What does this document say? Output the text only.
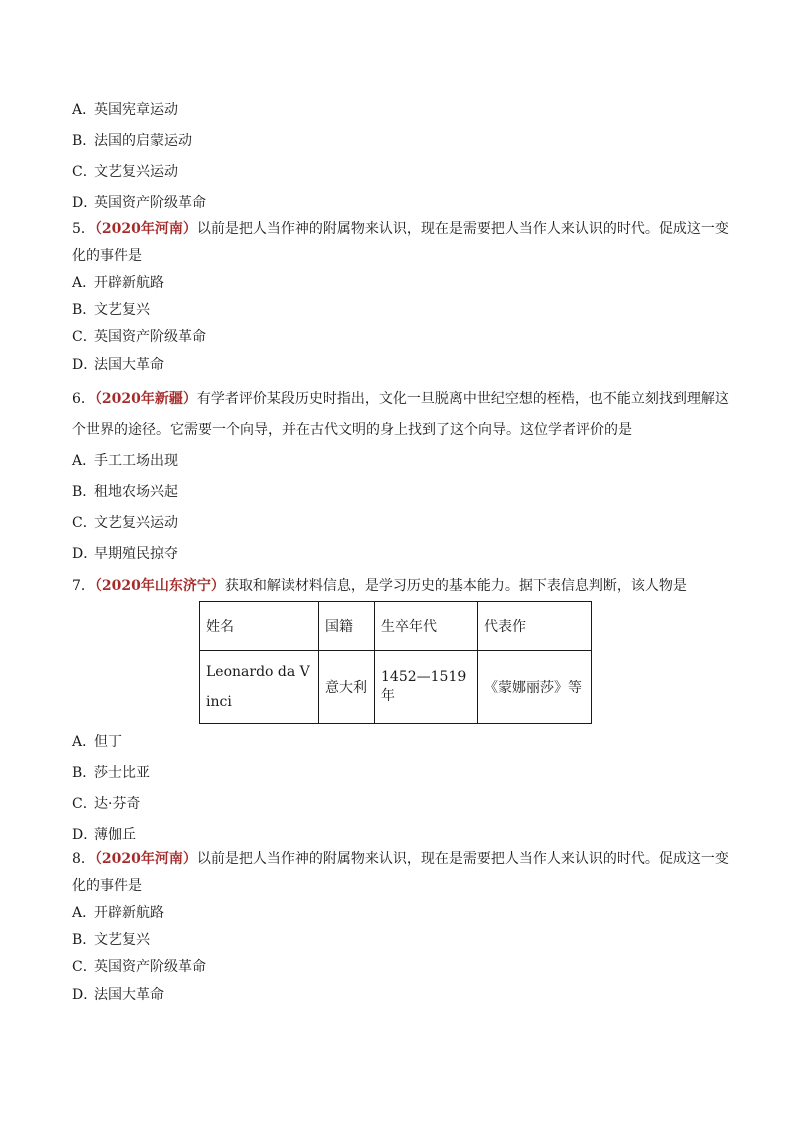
A．英国宪章运动
B．法国的启蒙运动
C．文艺复兴运动
D．英国资产阶级革命
5．（2020年河南）以前是把人当作神的附属物来认识，现在是需要把人当作人来认识的时代。促成这一变
化的事件是
A．开辟新航路
B．文艺复兴
C．英国资产阶级革命
D．法国大革命
6．（2020年新疆）有学者评价某段历史时指出，文化一旦脱离中世纪空想的桎梏，也不能立刻找到理解这
个世界的途径。它需要一个向导，并在古代文明的身上找到了这个向导。这位学者评价的是
A．手工工场出现
B．租地农场兴起
C．文艺复兴运动
D．早期殖民掠夺
7．（2020年山东济宁）获取和解读材料信息，是学习历史的基本能力。据下表信息判断，该人物是
姓名	国籍	生卒年代	代表作
Leonardo da Vinci	意大利	1452—1519 年	《蒙娜丽莎》等
A．但丁
B．莎士比亚
C．达·芬奇
D．薄伽丘
8．（2020年河南）以前是把人当作神的附属物来认识，现在是需要把人当作人来认识的时代。促成这一变
化的事件是
A．开辟新航路
B．文艺复兴
C．英国资产阶级革命
D．法国大革命
